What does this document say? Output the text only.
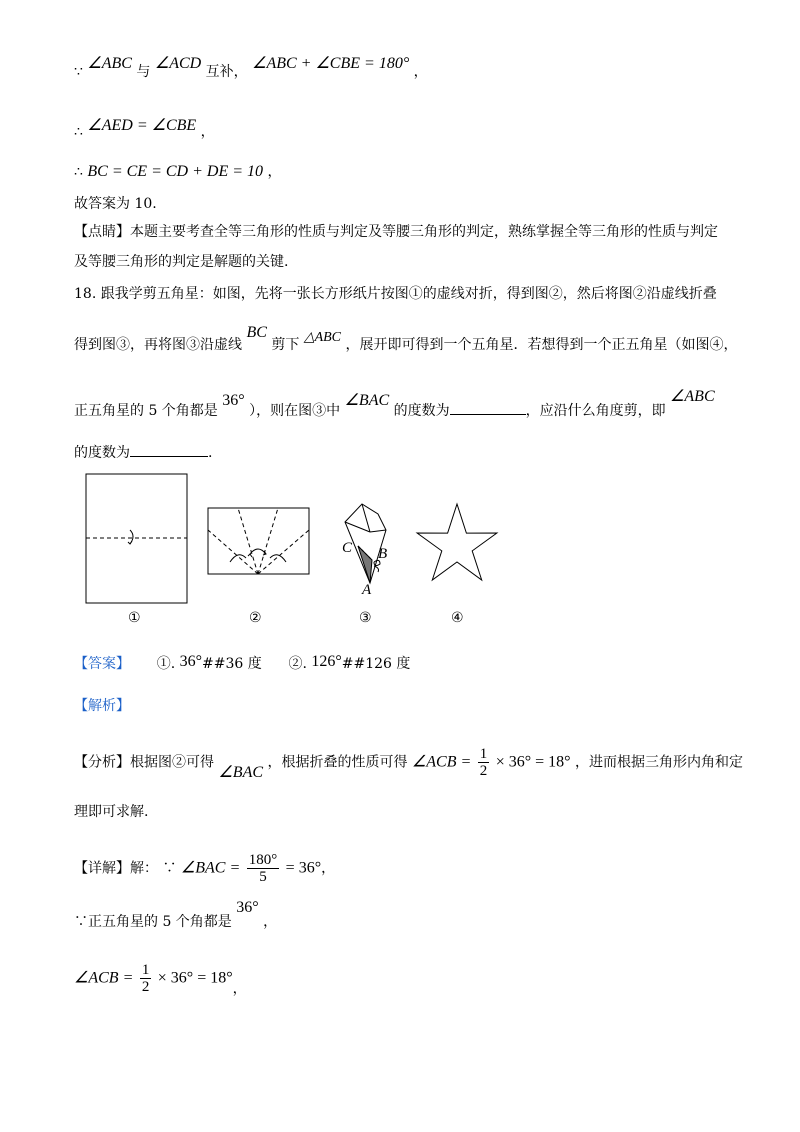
∵ ∠ABC 与 ∠ACD 互补， ∠ABC + ∠CBE = 180° ，
∴ ∠AED = ∠CBE ，
∴ BC = CE = CD + DE = 10 ，
故答案为 10.
【点睛】本题主要考查全等三角形的性质与判定及等腰三角形的判定，熟练掌握全等三角形的性质与判定
及等腰三角形的判定是解题的关键.
18. 跟我学剪五角星：如图，先将一张长方形纸片按图①的虚线对折，得到图②，然后将图②沿虚线折叠
得到图③，再将图③沿虚线 BC 剪下 △ABC ，展开即可得到一个五角星．若想得到一个正五角星（如图④，
正五角星的 5 个角都是 36° ），则在图③中 ∠BAC 的度数为	，应沿什么角度剪，即 ∠ABC
的度数为	.
C B
A
①	②	③	④
【答案】 ①. 36°##36 度 ②. 126°##126 度
【解析】
【分析】根据图②可得 ∠BAC ，根据折叠的性质可得 ∠ACB = $\frac{1}{2} \times 36^\circ = 18^\circ$ ，进而根据三角形内角和定
理即可求解.
【详解】解： ∵ ∠BAC = $\frac{180^\circ}{5} = 36^\circ$，
∵正五角星的 5 个角都是 36° ，
∠ACB = $\frac{1}{2} \times 36^\circ = 18^\circ$，
